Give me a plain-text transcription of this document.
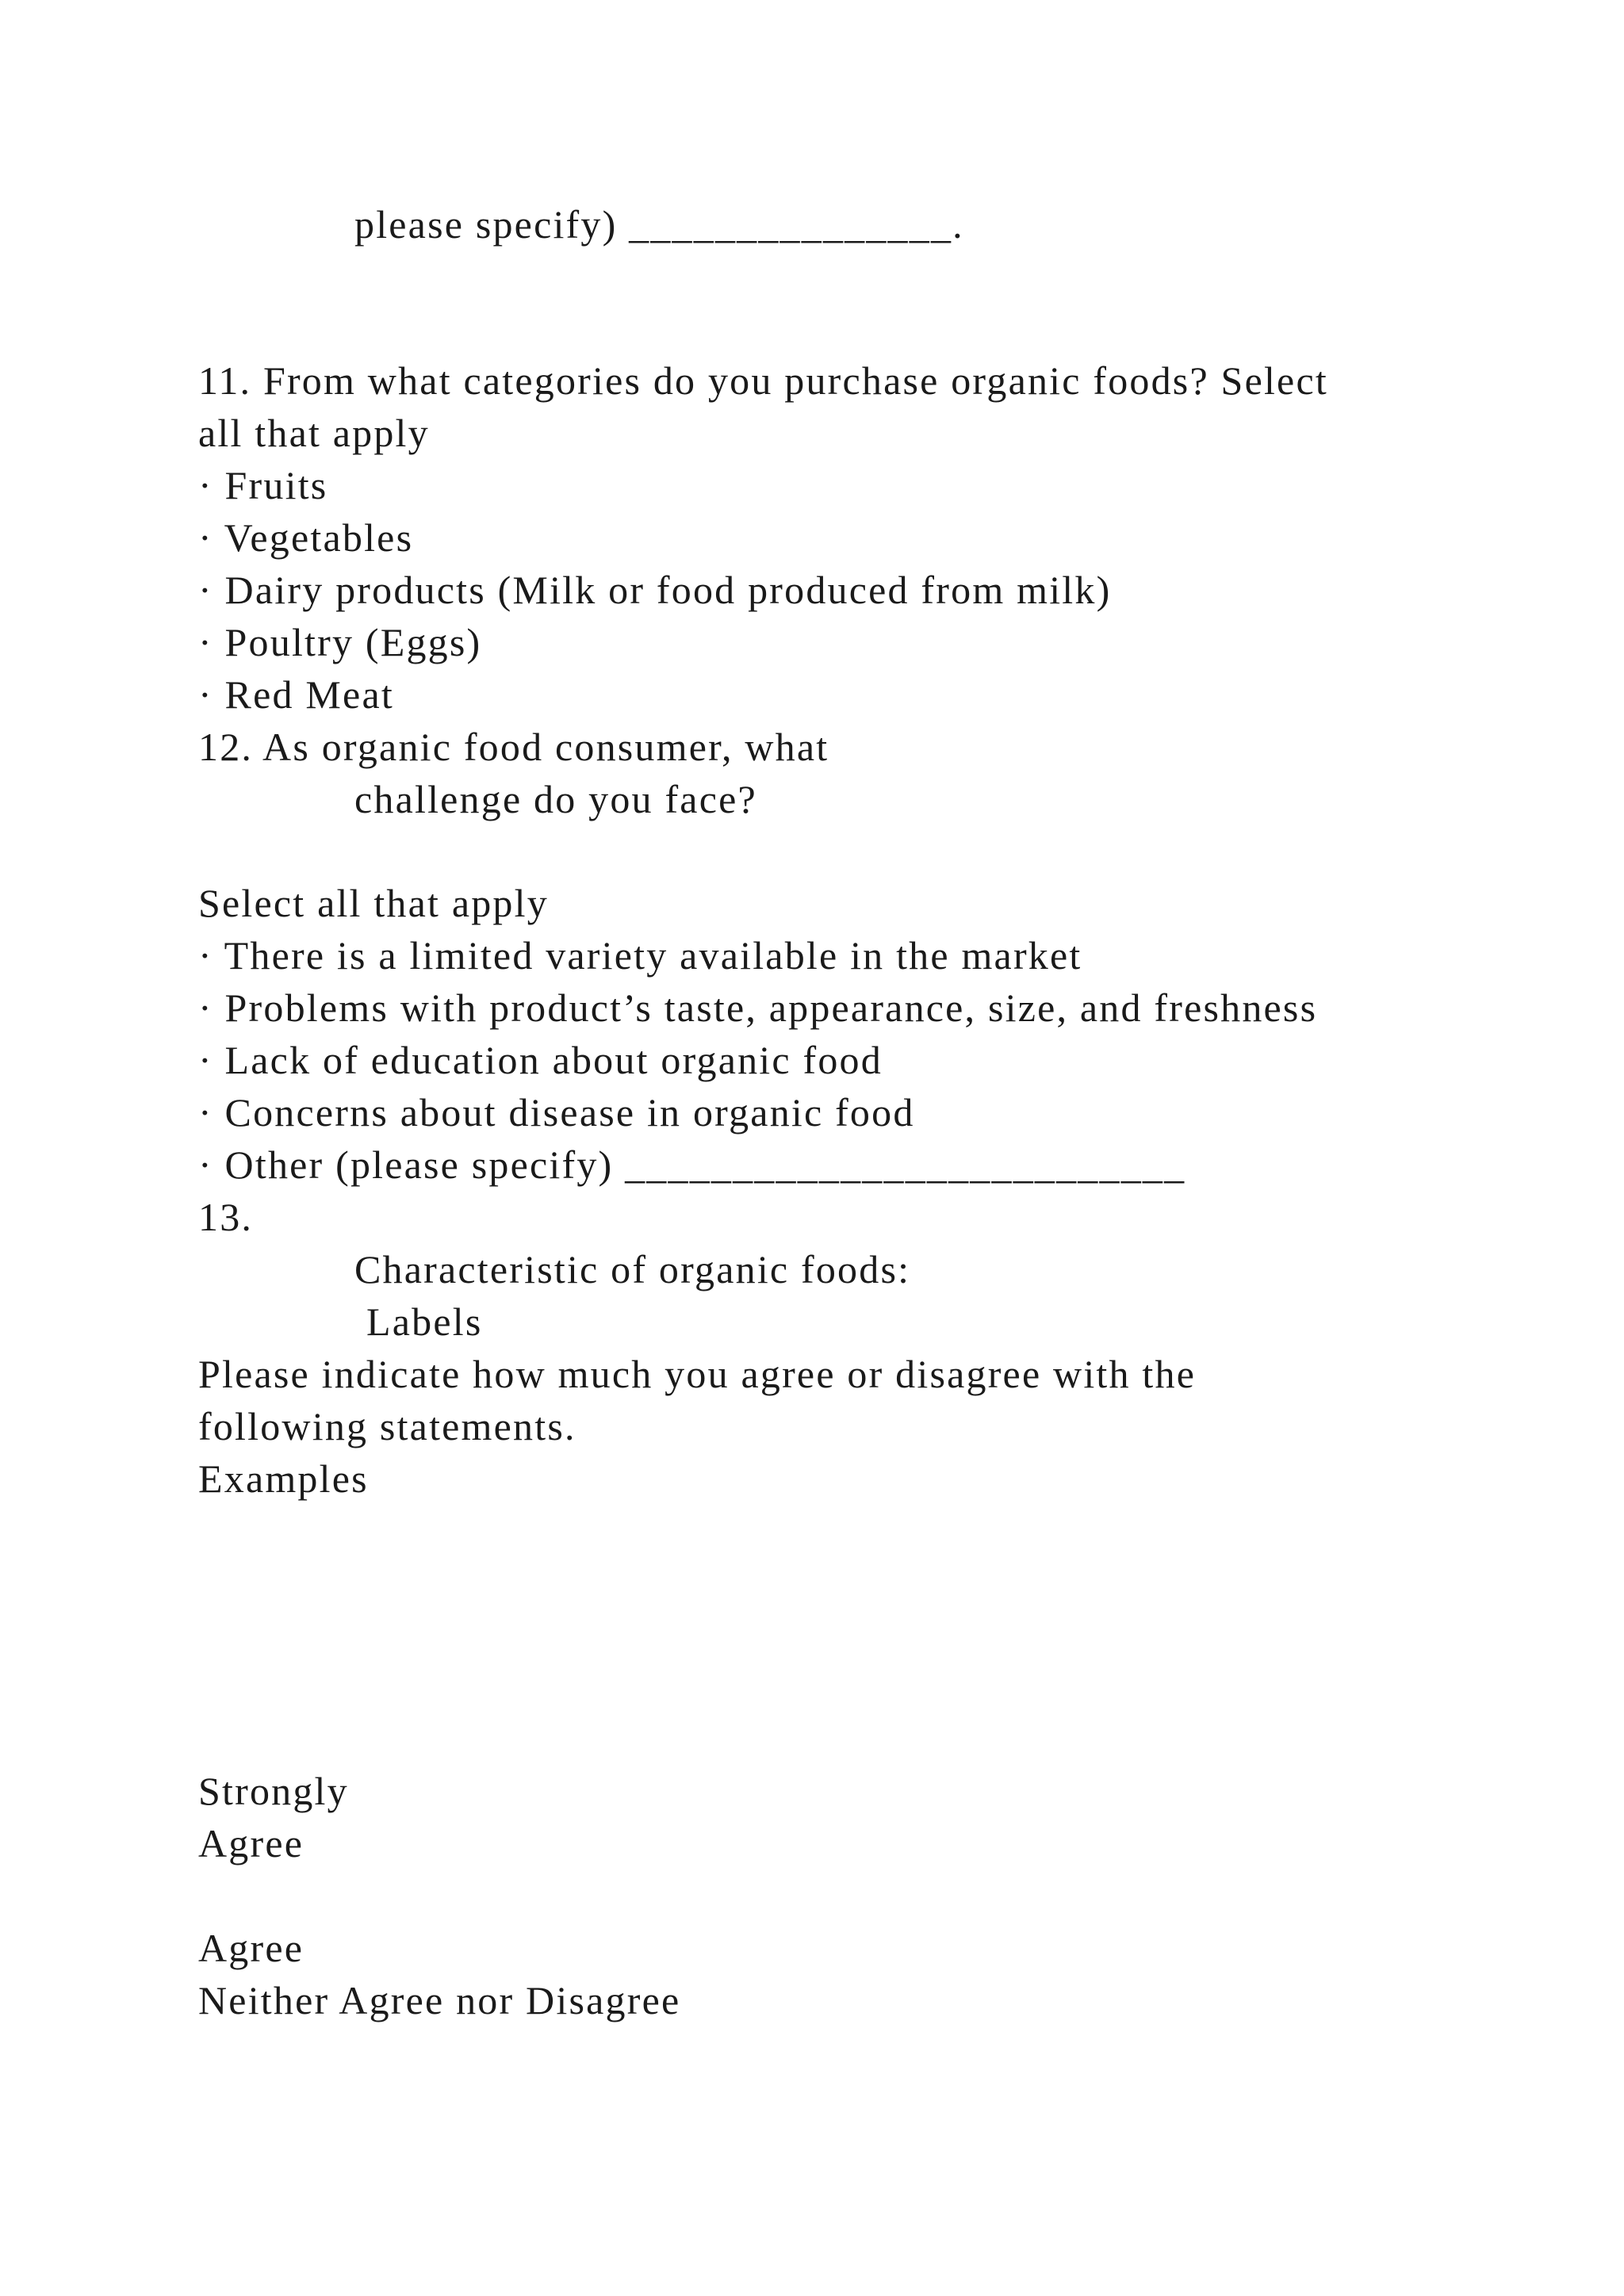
please specify) _______________.

11. From what categories do you purchase organic foods? Select

all that apply

· Fruits

· Vegetables

· Dairy products (Milk or food produced from milk)

· Poultry (Eggs)

· Red Meat

12. As organic food consumer, what

challenge do you face?

Select all that apply

· There is a limited variety available in the market

· Problems with product’s taste, appearance, size, and freshness

· Lack of education about organic food

· Concerns about disease in organic food

· Other (please specify) __________________________

13.

Characteristic of organic foods:

Labels

Please indicate how much you agree or disagree with the

following statements.

Examples

Strongly

Agree

Agree

Neither Agree nor Disagree
